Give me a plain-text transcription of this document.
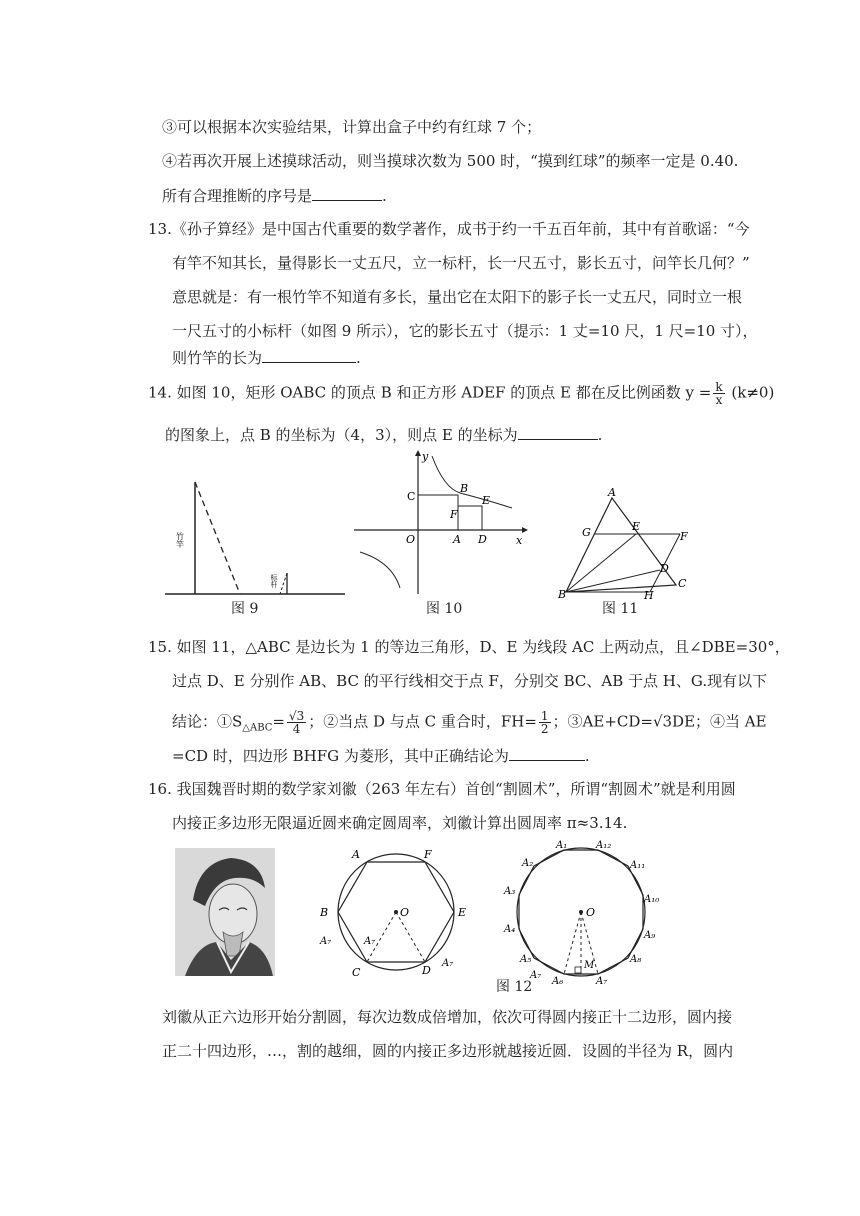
③可以根据本次实验结果，计算出盒子中约有红球 7 个；
④若再次开展上述摸球活动，则当摸球次数为 500 时，“摸到红球”的频率一定是 0.40.
所有合理推断的序号是	.
13.《孙子算经》是中国古代重要的数学著作，成书于约一千五百年前，其中有首歌谣：“今
有竿不知其长，量得影长一丈五尺，立一标杆，长一尺五寸，影长五寸，问竿长几何？”
意思就是：有一根竹竿不知道有多长，量出它在太阳下的影子长一丈五尺，同时立一根
一尺五寸的小标杆（如图 9 所示），它的影长五寸（提示：1 丈=10 尺，1 尺=10 寸），
则竹竿的长为	.
14. 如图 10，矩形 OABC 的顶点 B 和正方形 ADEF 的顶点 E 都在反比例函数 $y = \frac{k}{x} (k\ne 0)$
的图象上，点 B 的坐标为（4，3），则点 E 的坐标为	.
竹竿
标杆
图 9
y
C
B
E
F
O	A D	x
图 10
A
G	E
F
D
C
B	H
图 11
15. 如图 11，△ABC 是边长为 1 的等边三角形，D、E 为线段 AC 上两动点，且∠DBE=30°，
过点 D、E 分别作 AB、BC 的平行线相交于点 F，分别交 BC、AB 于点 H、G.现有以下
结论：$①S_{\triangle ABC}= \frac{√3}{4}$ ；②当点 D 与点 C 重合时，$FH= \frac{1}{2}$ ；③AE+CD=√3DE；④当 AE
=CD 时，四边形 BHFG 为菱形，其中正确结论为	.
16. 我国魏晋时期的数学家刘徽（263 年左右）首创“割圆术”，所谓“割圆术”就是利用圆
内接正多边形无限逼近圆来确定圆周率，刘徽计算出圆周率 π≈3.14.
A	F
B	O	E
A₇	A₇
C	D
A₇
A₁	A₁₂
A₂	A₁₁
A₃
O
A₁₀
A₄
A₉
A₅	A₈
A₇
A₆
M
A₇
图 12
刘徽从正六边形开始分割圆，每次边数成倍增加，依次可得圆内接正十二边形，圆内接
正二十四边形，…，割的越细，圆的内接正多边形就越接近圆．设圆的半径为 R，圆内
